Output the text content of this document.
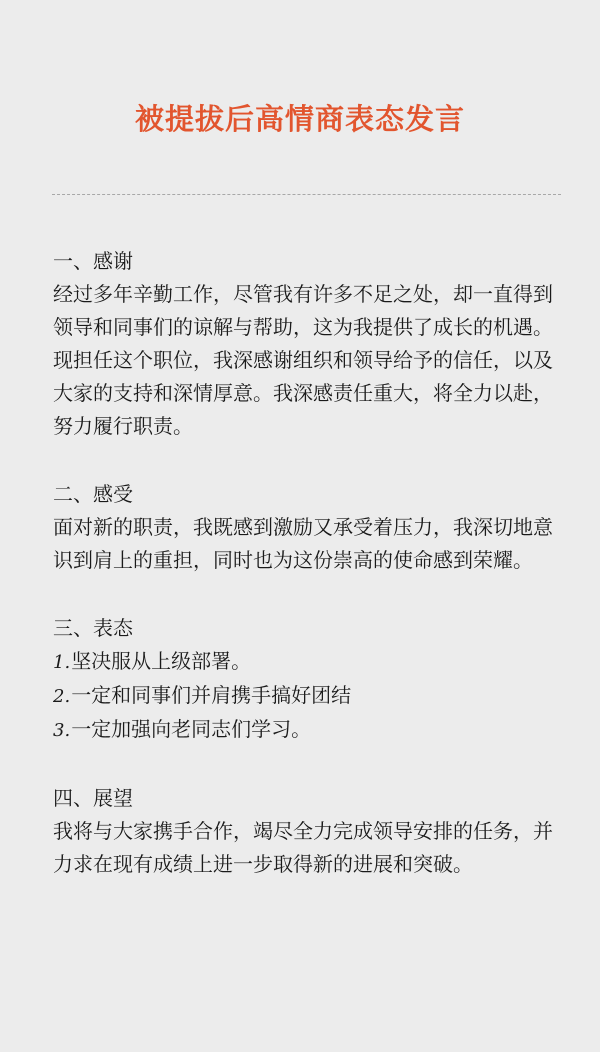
被提拔后高情商表态发言

一、感谢

经过多年辛勤工作，尽管我有许多不足之处，却一直得到领导和同事们的谅解与帮助，这为我提供了成长的机遇。现担任这个职位，我深感谢组织和领导给予的信任，以及大家的支持和深情厚意。我深感责任重大，将全力以赴，努力履行职责。

二、感受

面对新的职责，我既感到激励又承受着压力，我深切地意识到肩上的重担，同时也为这份崇高的使命感到荣耀。

三、表态

1.坚决服从上级部署。

2.一定和同事们并肩携手搞好团结

3.一定加强向老同志们学习。

四、展望

我将与大家携手合作，竭尽全力完成领导安排的任务，并力求在现有成绩上进一步取得新的进展和突破。
